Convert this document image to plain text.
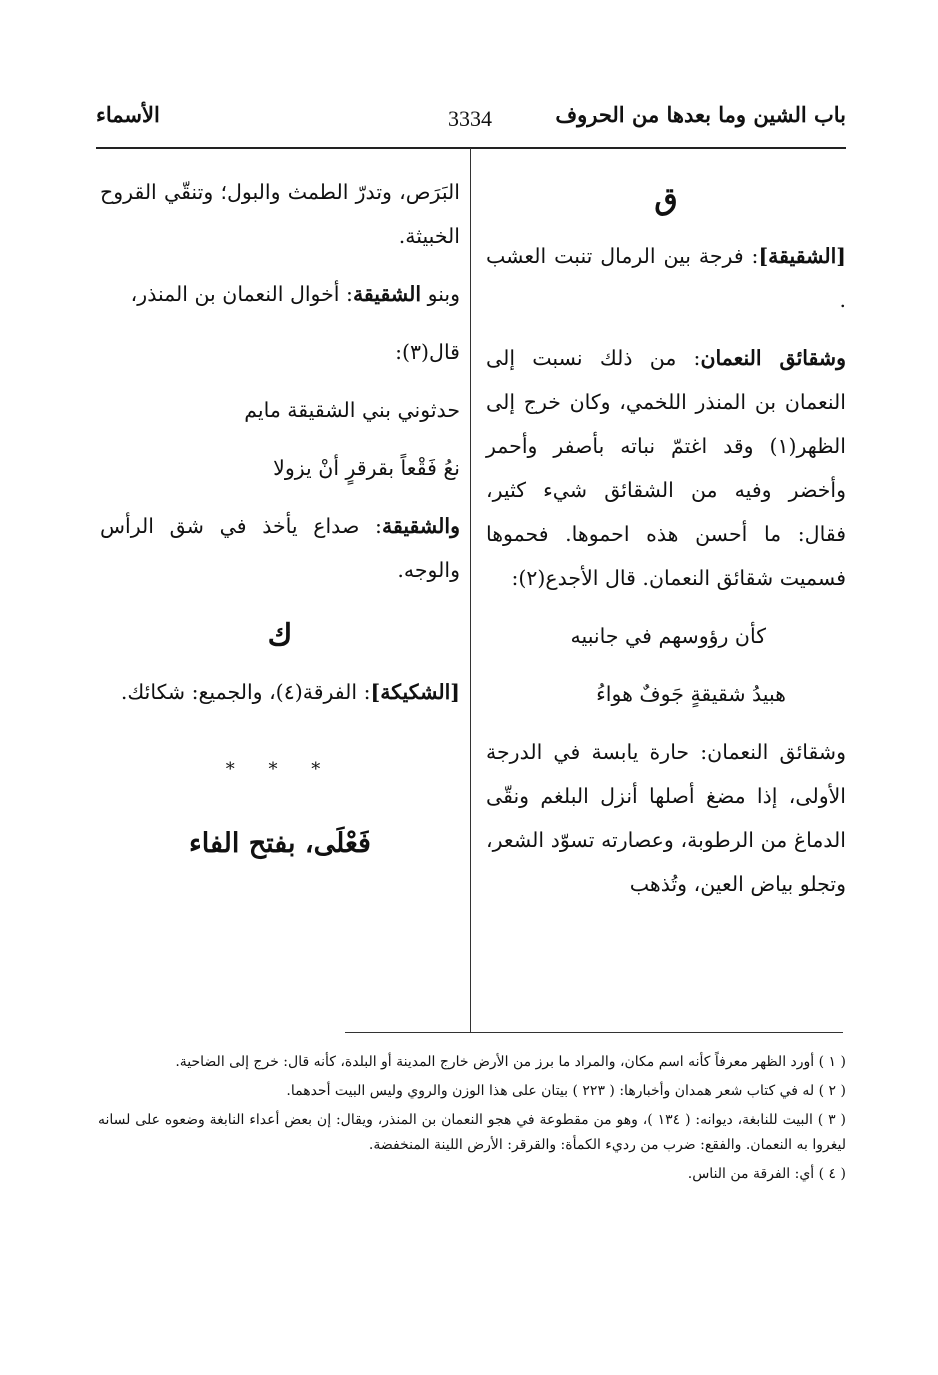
باب الشين وما بعدها من الحروف
3334
الأسماء
ق

[الشقيقة]: فرجة بين الرمال تنبت العشب .

وشقائق النعمان: من ذلك نسبت إلى النعمان بن المنذر اللخمي، وكان خرج إلى الظهر(١) وقد اغتمّ نباته بأصفر وأحمر وأخضر وفيه من الشقائق شيء كثير، فقال: ما أحسن هذه احموها. فحموها فسميت شقائق النعمان. قال الأجدع(٢):

كأن رؤوسهم في جانبيه

هبيدُ شقيقةٍ جَوفٌ هواءُ

وشقائق النعمان: حارة يابسة في الدرجة الأولى، إذا مضغ أصلها أنزل البلغم ونقّى الدماغ من الرطوبة، وعصارته تسوّد الشعر، وتجلو بياض العين، وتُذهب

البَرَص، وتدرّ الطمث والبول؛ وتنقّي القروح الخبيثة.

وبنو الشقيقة: أخوال النعمان بن المنذر،

قال(٣):

حدثوني بني الشقيقة مايم

نعُ فَقْعاً بقرقرٍ أنْ يزولا

والشقيقة: صداع يأخذ في شق الرأس والوجه.

ك

[الشكيكة]: الفرقة(٤)، والجميع: شكائك.

* * *
فَعْلَى، بفتح الفاء

( ١ ) أورد الظهر معرفاً كأنه اسم مكان، والمراد ما برز من الأرض خارج المدينة أو البلدة، كأنه قال: خرج إلى الضاحية.

( ٢ ) له في كتاب شعر همدان وأخبارها: ( ٢٢٣ ) بيتان على هذا الوزن والروي وليس البيت أحدهما.

( ٣ ) البيت للنابغة، ديوانه: ( ١٣٤ )، وهو من مقطوعة في هجو النعمان بن المنذر، ويقال: إن بعض أعداء النابغة وضعوه على لسانه ليغروا به النعمان. والفقع: ضرب من رديء الكمأة: والقرقر: الأرض اللينة المنخفضة.

( ٤ ) أي: الفرقة من الناس.
